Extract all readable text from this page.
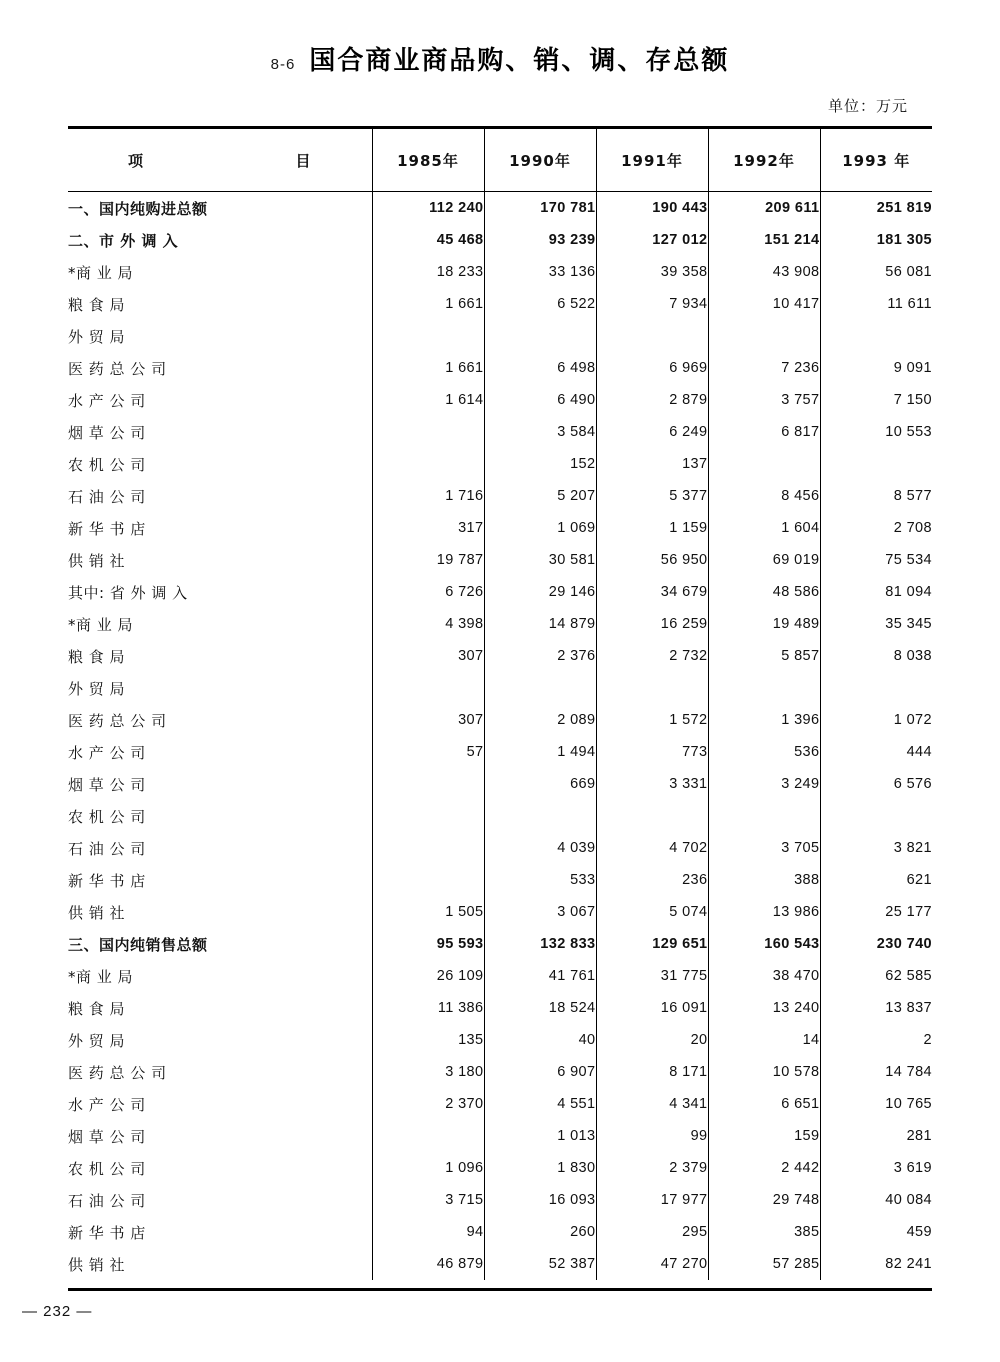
8-6 国合商业商品购、销、调、存总额
单位：万元
项 目	1985年	1990年	1991年	1992年	1993 年
一、国内纯购进总额	112 240	170 781	190 443	209 611	251 819
二、市 外 调 入	45 468	93 239	127 012	151 214	181 305
*商 业 局	18 233	33 136	39 358	43 908	56 081
粮 食 局	1 661	6 522	7 934	10 417	11 611
外 贸 局					
医 药 总 公 司	1 661	6 498	6 969	7 236	9 091
水 产 公 司	1 614	6 490	2 879	3 757	7 150
烟 草 公 司		3 584	6 249	6 817	10 553
农 机 公 司		152	137		
石 油 公 司	1 716	5 207	5 377	8 456	8 577
新 华 书 店	317	1 069	1 159	1 604	2 708
供 销 社	19 787	30 581	56 950	69 019	75 534
其中: 省 外 调 入	6 726	29 146	34 679	48 586	81 094
*商 业 局	4 398	14 879	16 259	19 489	35 345
粮 食 局	307	2 376	2 732	5 857	8 038
外 贸 局					
医 药 总 公 司	307	2 089	1 572	1 396	1 072
水 产 公 司	57	1 494	773	536	444
烟 草 公 司		669	3 331	3 249	6 576
农 机 公 司					
石 油 公 司		4 039	4 702	3 705	3 821
新 华 书 店		533	236	388	621
供 销 社	1 505	3 067	5 074	13 986	25 177
三、国内纯销售总额	95 593	132 833	129 651	160 543	230 740
*商 业 局	26 109	41 761	31 775	38 470	62 585
粮 食 局	11 386	18 524	16 091	13 240	13 837
外 贸 局	135	40	20	14	2
医 药 总 公 司	3 180	6 907	8 171	10 578	14 784
水 产 公 司	2 370	4 551	4 341	6 651	10 765
烟 草 公 司		1 013	99	159	281
农 机 公 司	1 096	1 830	2 379	2 442	3 619
石 油 公 司	3 715	16 093	17 977	29 748	40 084
新 华 书 店	94	260	295	385	459
供 销 社	46 879	52 387	47 270	57 285	82 241
— 232 —
